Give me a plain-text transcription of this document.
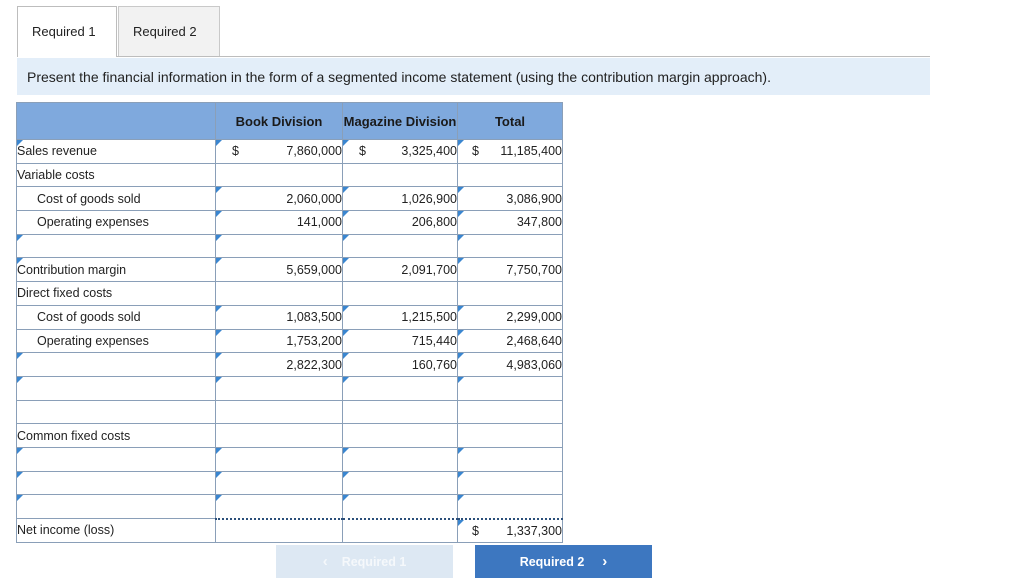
Required 1	Required 2
Present the financial information in the form of a segmented income statement (using the contribution margin approach).
	Book Division	Magazine Division	Total
Sales revenue	$ 7,860,000	$ 3,325,400	$ 11,185,400
Variable costs			
Cost of goods sold	2,060,000	1,026,900	3,086,900
Operating expenses	141,000	206,800	347,800

Contribution margin	5,659,000	2,091,700	7,750,700
Direct fixed costs			
Cost of goods sold	1,083,500	1,215,500	2,299,000
Operating expenses	1,753,200	715,440	2,468,640
	2,822,300	160,760	4,983,060

Common fixed costs			

Net income (loss)			$ 1,337,300
‹ Required 1	Required 2 ›
